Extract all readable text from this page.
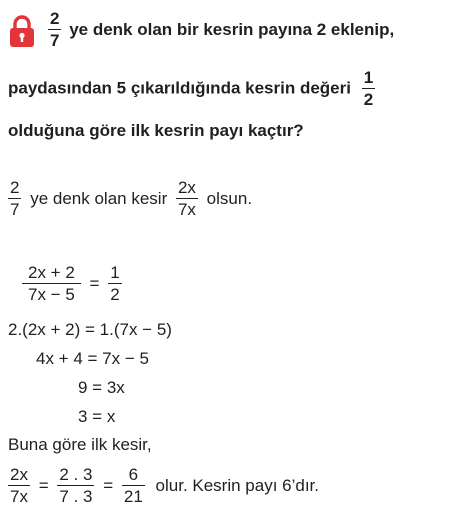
$\frac{2}{7}$ ye denk olan bir kesrin payına 2 eklenip,
paydasından 5 çıkarıldığında kesrin değeri $\frac{1}{2}$
olduğuna göre ilk kesrin payı kaçtır?
$\frac{2}{7}$ ye denk olan kesir $\frac{2x}{7x}$ olsun.
$\frac{2x + 2}{7x - 5} = \frac{1}{2}$
2.(2x + 2) = 1.(7x − 5)
4x + 4 = 7x − 5
9 = 3x
3 = x
Buna göre ilk kesir,
$\frac{2x}{7x} = \frac{2 . 3}{7 . 3} = \frac{6}{21}$ olur. Kesrin payı 6’dır.
